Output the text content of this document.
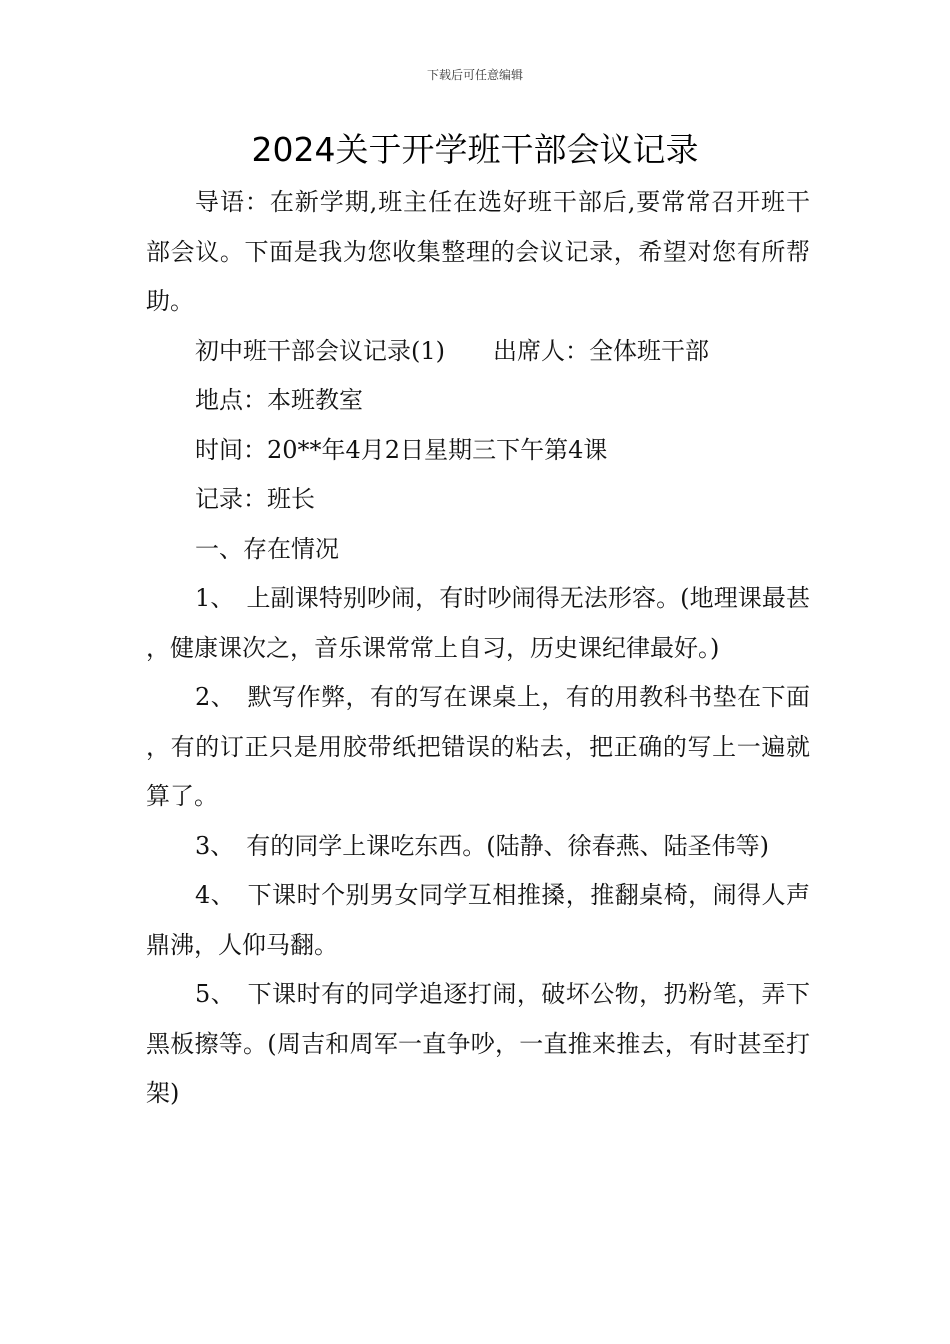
下载后可任意编辑
2024关于开学班干部会议记录

导语：在新学期,班主任在选好班干部后,要常常召开班干部会议。下面是我为您收集整理的会议记录，希望对您有所帮助。

初中班干部会议记录(1)　　出席人：全体班干部

地点：本班教室

时间：20**年4月2日星期三下午第4课

记录：班长

一、存在情况

1、　上副课特别吵闹，有时吵闹得无法形容。(地理课最甚，健康课次之，音乐课常常上自习，历史课纪律最好。)

2、　默写作弊，有的写在课桌上，有的用教科书垫在下面，有的订正只是用胶带纸把错误的粘去，把正确的写上一遍就算了。

3、　有的同学上课吃东西。(陆静、徐春燕、陆圣伟等)

4、　下课时个别男女同学互相推搡，推翻桌椅，闹得人声鼎沸，人仰马翻。

5、　下课时有的同学追逐打闹，破坏公物，扔粉笔，弄下黑板擦等。(周吉和周军一直争吵，一直推来推去，有时甚至打架)
